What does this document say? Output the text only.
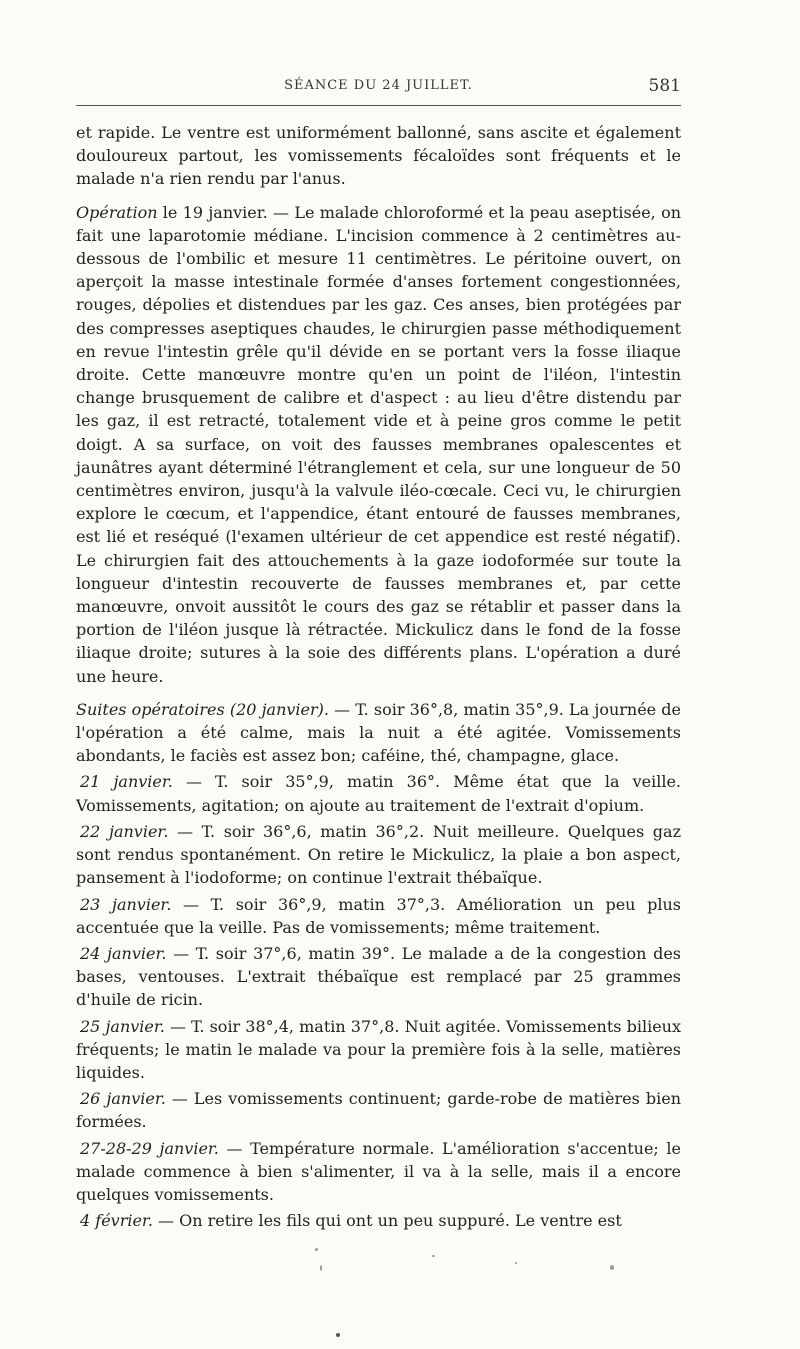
SÉANCE DU 24 JUILLET.	581

et rapide. Le ventre est uniformément ballonné, sans ascite et également douloureux partout, les vomissements fécaloïdes sont fréquents et le malade n'a rien rendu par l'anus.

Opération le 19 janvier. — Le malade chloroformé et la peau aseptisée, on fait une laparotomie médiane. L'incision commence à 2 centimètres au-dessous de l'ombilic et mesure 11 centimètres. Le péritoine ouvert, on aperçoit la masse intestinale formée d'anses fortement congestionnées, rouges, dépolies et distendues par les gaz. Ces anses, bien protégées par des compresses aseptiques chaudes, le chirurgien passe méthodiquement en revue l'intestin grêle qu'il dévide en se portant vers la fosse iliaque droite. Cette manœuvre montre qu'en un point de l'iléon, l'intestin change brusquement de calibre et d'aspect : au lieu d'être distendu par les gaz, il est retracté, totalement vide et à peine gros comme le petit doigt. A sa surface, on voit des fausses membranes opalescentes et jaunâtres ayant déterminé l'étranglement et cela, sur une longueur de 50 centimètres environ, jusqu'à la valvule iléo-cœcale. Ceci vu, le chirurgien explore le cœcum, et l'appendice, étant entouré de fausses membranes, est lié et reséqué (l'examen ultérieur de cet appendice est resté négatif). Le chirurgien fait des attouchements à la gaze iodoformée sur toute la longueur d'intestin recouverte de fausses membranes et, par cette manœuvre, onvoit aussitôt le cours des gaz se rétablir et passer dans la portion de l'iléon jusque là rétractée. Mickulicz dans le fond de la fosse iliaque droite; sutures à la soie des différents plans. L'opération a duré une heure.

Suites opératoires (20 janvier). — T. soir 36°,8, matin 35°,9. La journée de l'opération a été calme, mais la nuit a été agitée. Vomissements abondants, le faciès est assez bon; caféine, thé, champagne, glace.

21 janvier. — T. soir 35°,9, matin 36°. Même état que la veille. Vomissements, agitation; on ajoute au traitement de l'extrait d'opium.

22 janvier. — T. soir 36°,6, matin 36°,2. Nuit meilleure. Quelques gaz sont rendus spontanément. On retire le Mickulicz, la plaie a bon aspect, pansement à l'iodoforme; on continue l'extrait thébaïque.

23 janvier. — T. soir 36°,9, matin 37°,3. Amélioration un peu plus accentuée que la veille. Pas de vomissements; même traitement.

24 janvier. — T. soir 37°,6, matin 39°. Le malade a de la congestion des bases, ventouses. L'extrait thébaïque est remplacé par 25 grammes d'huile de ricin.

25 janvier. — T. soir 38°,4, matin 37°,8. Nuit agitée. Vomissements bilieux fréquents; le matin le malade va pour la première fois à la selle, matières liquides.

26 janvier. — Les vomissements continuent; garde-robe de matières bien formées.

27-28-29 janvier. — Température normale. L'amélioration s'accentue; le malade commence à bien s'alimenter, il va à la selle, mais il a encore quelques vomissements.

4 février. — On retire les fils qui ont un peu suppuré. Le ventre est
